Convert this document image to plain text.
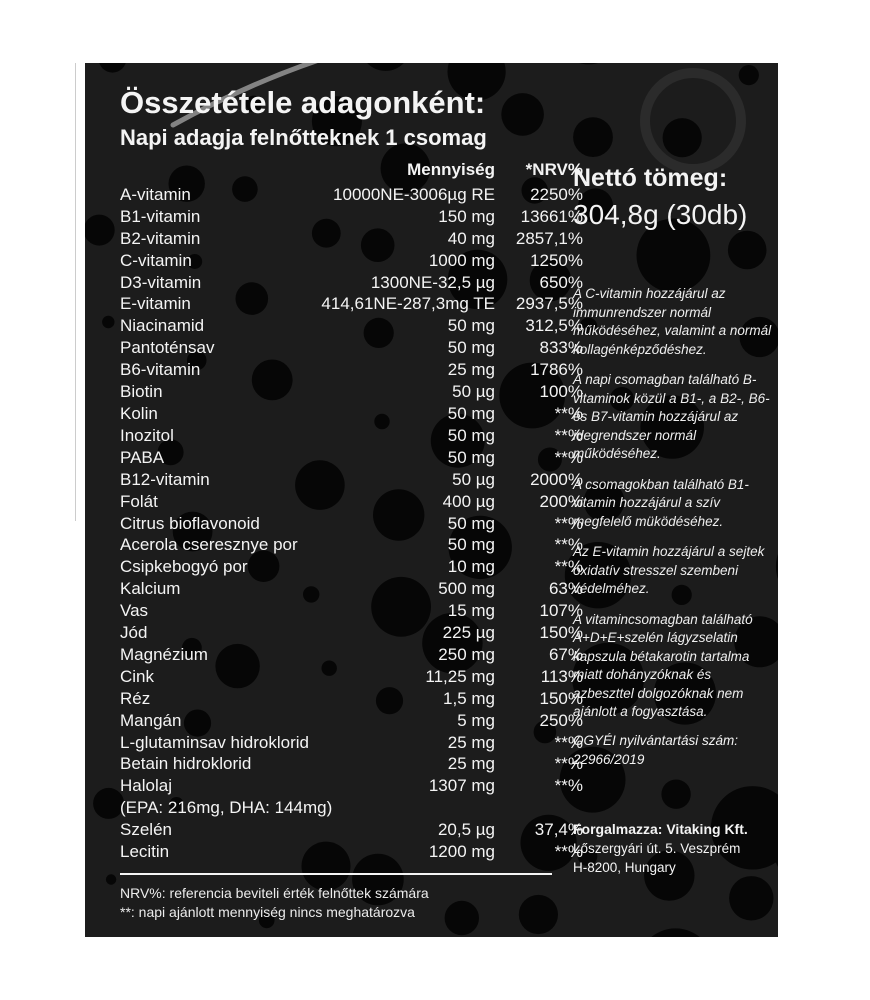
Összetétele adagonként:
Napi adagja felnőtteknek 1 csomag
Mennyiség	*NRV%
A-vitamin	10000NE-3006µg RE	2250%
B1-vitamin	150 mg	13661%
B2-vitamin	40 mg	2857,1%
C-vitamin	1000 mg	1250%
D3-vitamin	1300NE-32,5 µg	650%
E-vitamin	414,61NE-287,3mg TE	2937,5%
Niacinamid	50 mg	312,5%
Pantoténsav	50 mg	833%
B6-vitamin	25 mg	1786%
Biotin	50 µg	100%
Kolin	50 mg	**%
Inozitol	50 mg	**%
PABA	50 mg	**%
B12-vitamin	50 µg	2000%
Folát	400 µg	200%
Citrus bioflavonoid	50 mg	**%
Acerola cseresznye por	50 mg	**%
Csipkebogyó por	10 mg	**%
Kalcium	500 mg	63%
Vas	15 mg	107%
Jód	225 µg	150%
Magnézium	250 mg	67%
Cink	11,25 mg	113%
Réz	1,5 mg	150%
Mangán	5 mg	250%
L-glutaminsav hidroklorid	25 mg	**%
Betain hidroklorid	25 mg	**%
Halolaj	1307 mg	**%
(EPA: 216mg, DHA: 144mg)
Szelén	20,5 µg	37,4%
Lecitin	1200 mg	**%
NRV%: referencia beviteli érték felnőttek számára
**: napi ajánlott mennyiség nincs meghatározva
Nettó tömeg:
304,8g (30db)

A C-vitamin hozzájárul az immunrendszer normál működéséhez, valamint a normál kollagénképződéshez.

A napi csomagban található B-vitaminok közül a B1-, a B2-, B6- és B7-vitamin hozzájárul az idegrendszer normál működéséhez.

A csomagokban található B1-vitamin hozzájárul a szív megfelelő müködéséhez.

Az E-vitamin hozzájárul a sejtek oxidatív stresszel szembeni védelméhez.

A vitamincsomagban található A+D+E+szelén lágyzselatin kapszula bétakarotin tartalma miatt dohányzóknak és azbeszttel dolgozóknak nem ajánlott a fogyasztása.

OGYÉI nyilvántartási szám: 22966/2019
Forgalmazza: Vitaking Kft.
Lőszergyári út. 5. Veszprém
H-8200, Hungary
